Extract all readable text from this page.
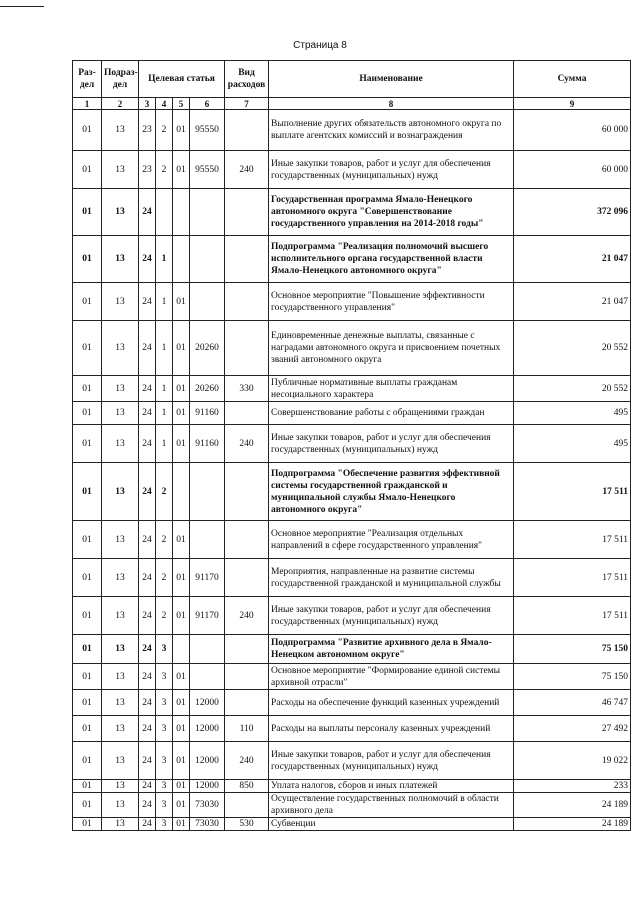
Страница 8
Раз-дел	Подраз-дел	Целевая статья				Вид расходов	Наименование	Сумма
1	2	3	4	5	6	7	8	9
01	13	23	2	01	95550		Выполнение других обязательств автономного округа по выплате агентских комиссий и вознаграждения	60 000
01	13	23	2	01	95550	240	Иные закупки товаров, работ и услуг для обеспечения государственных (муниципальных) нужд	60 000
01	13	24					Государственная программа Ямало-Ненецкого автономного округа "Совершенствование государственного управления на 2014-2018 годы"	372 096
01	13	24	1				Подпрограмма "Реализация полномочий высшего исполнительного органа государственной власти Ямало-Ненецкого автономного округа"	21 047
01	13	24	1	01			Основное мероприятие "Повышение эффективности государственного управления"	21 047
01	13	24	1	01	20260		Единовременные денежные выплаты, связанные с наградами автономного округа и присвоением почетных званий автономного округа	20 552
01	13	24	1	01	20260	330	Публичные нормативные выплаты гражданам несоциального характера	20 552
01	13	24	1	01	91160		Совершенствование работы с обращениями граждан	495
01	13	24	1	01	91160	240	Иные закупки товаров, работ и услуг для обеспечения государственных (муниципальных) нужд	495
01	13	24	2				Подпрограмма "Обеспечение развития эффективной системы государственной гражданской и муниципальной службы Ямало-Ненецкого автономного округа"	17 511
01	13	24	2	01			Основное мероприятие "Реализация отдельных направлений в сфере государственного управления"	17 511
01	13	24	2	01	91170		Мероприятия, направленные на развитие системы государственной гражданской и муниципальной службы	17 511
01	13	24	2	01	91170	240	Иные закупки товаров, работ и услуг для обеспечения государственных (муниципальных) нужд	17 511
01	13	24	3				Подпрограмма "Развитие архивного дела в Ямало-Ненецком автономном округе"	75 150
01	13	24	3	01			Основное мероприятие "Формирование единой системы архивной отрасли"	75 150
01	13	24	3	01	12000		Расходы на обеспечение функций казенных учреждений	46 747
01	13	24	3	01	12000	110	Расходы на выплаты персоналу казенных учреждений	27 492
01	13	24	3	01	12000	240	Иные закупки товаров, работ и услуг для обеспечения государственных (муниципальных) нужд	19 022
01	13	24	3	01	12000	850	Уплата налогов, сборов и иных платежей	233
01	13	24	3	01	73030		Осуществление государственных полномочий в области архивного дела	24 189
01	13	24	3	01	73030	530	Субвенции	24 189
